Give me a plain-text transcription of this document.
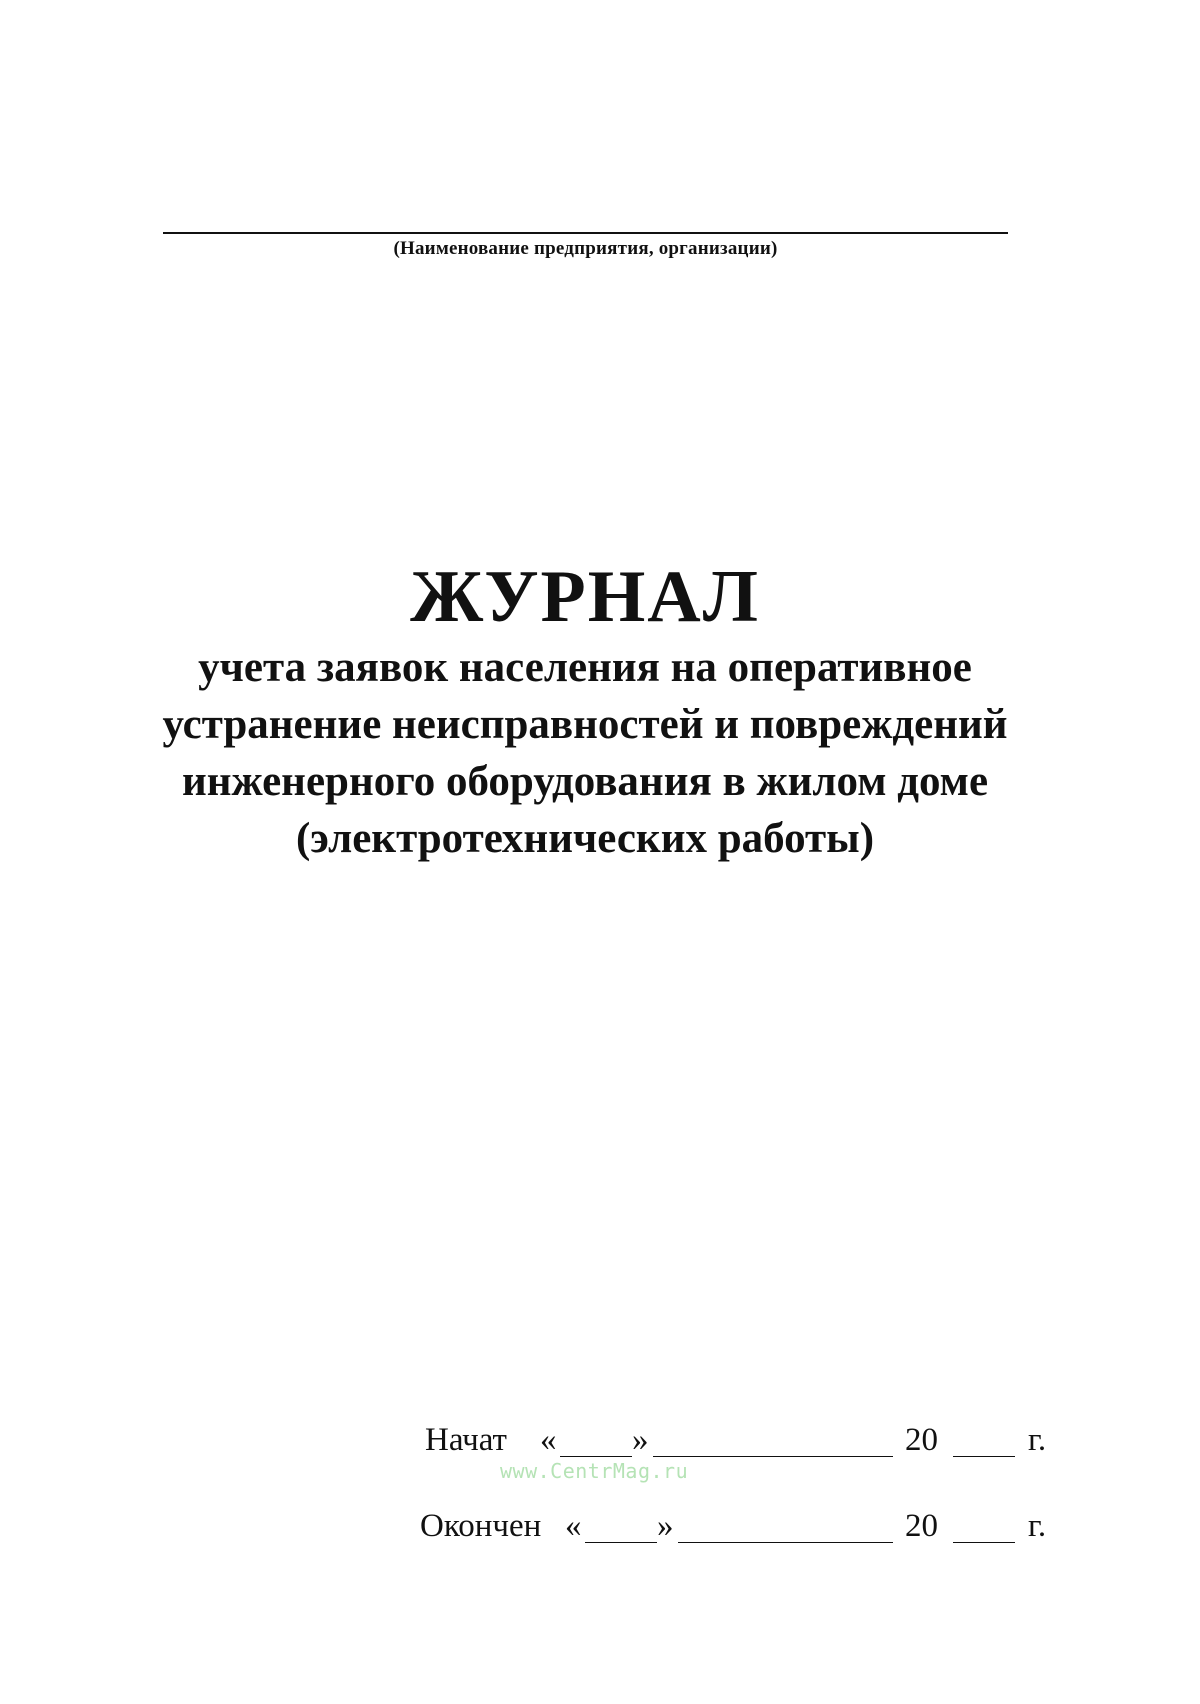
(Наименование предприятия, организации)

ЖУРНАЛ

учета заявок населения на оперативное

устранение неисправностей и повреждений

инженерного оборудования в жилом доме

(электротехнических работы)

Начат « »	20	г.
www.CentrMag.ru
Окончен « »	20	г.
